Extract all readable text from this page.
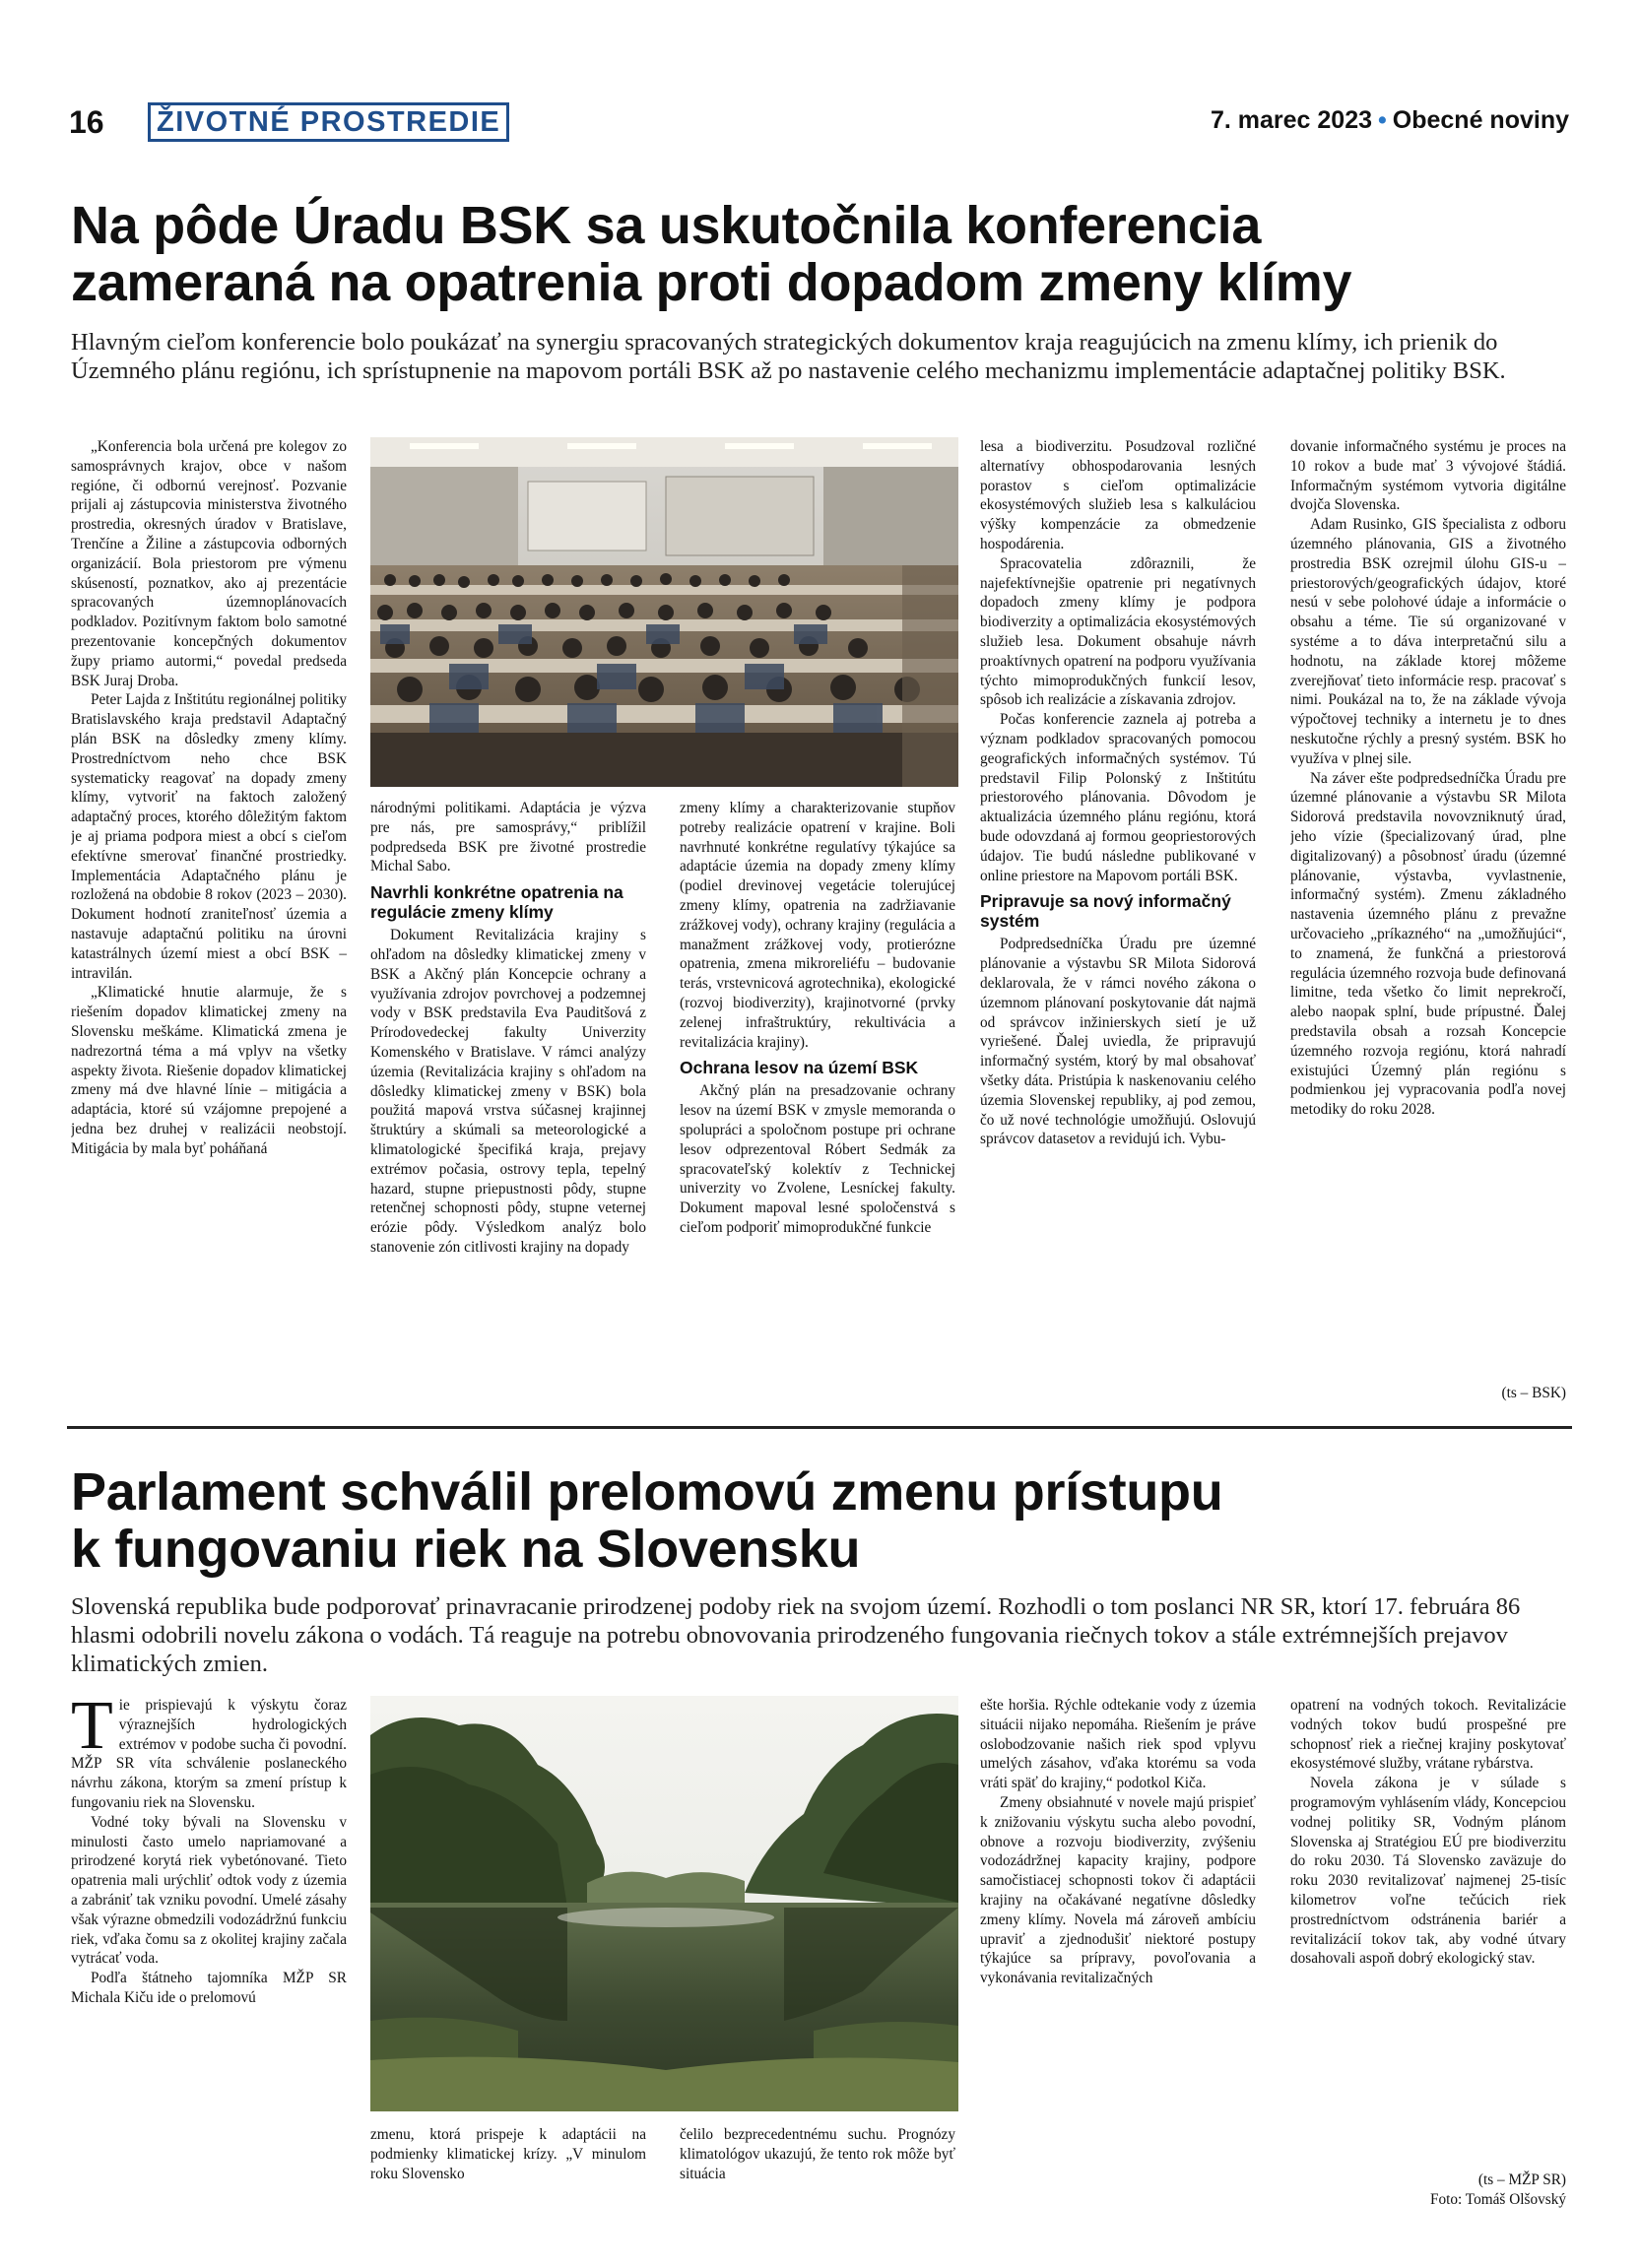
16	ŽIVOTNÉ PROSTREDIE	7. marec 2023 • Obecné noviny
Na pôde Úradu BSK sa uskutočnila konferencia
zameraná na opatrenia proti dopadom zmeny klímy
Hlavným cieľom konferencie bolo poukázať na synergiu spracovaných strategických dokumentov kraja reagujúcich na zmenu klímy, ich prienik do Územného plánu regiónu, ich sprístupnenie na mapovom portáli BSK až po nastavenie celého mechanizmu implementácie adaptačnej politiky BSK.

„Konferencia bola určená pre kolegov zo samosprávnych krajov, obce v našom regióne, či odbornú verejnosť. Pozvanie prijali aj zástupcovia ministerstva životného prostredia, okresných úradov v Bratislave, Trenčíne a Žiline a zástupcovia odborných organizácií. Bola priestorom pre výmenu skúseností, poznatkov, ako aj prezentácie spracovaných územnoplánovacích podkladov. Pozitívnym faktom bolo samotné prezentovanie koncepčných dokumentov župy priamo autormi,“ povedal predseda BSK Juraj Droba.

Peter Lajda z Inštitútu regionálnej politiky Bratislavského kraja predstavil Adaptačný plán BSK na dôsledky zmeny klímy. Prostredníctvom neho chce BSK systematicky reagovať na dopady zmeny klímy, vytvoriť na faktoch založený adaptačný proces, ktorého dôležitým faktom je aj priama podpora miest a obcí s cieľom efektívne smerovať finančné prostriedky. Implementácia Adaptačného plánu je rozložená na obdobie 8 rokov (2023 – 2030). Dokument hodnotí zraniteľnosť územia a nastavuje adaptačnú politiku na úrovni katastrálnych území miest a obcí BSK – intravilán.

„Klimatické hnutie alarmuje, že s riešením dopadov klimatickej zmeny na Slovensku meškáme. Klimatická zmena je nadrezortná téma a má vplyv na všetky aspekty života. Riešenie dopadov klimatickej zmeny má dve hlavné línie – mitigácia a adaptácia, ktoré sú vzájomne prepojené a jedna bez druhej v realizácii neobstojí. Mitigácia by mala byť poháňaná

národnými politikami. Adaptácia je výzva pre nás, pre samosprávy,“ priblížil podpredseda BSK pre životné prostredie Michal Sabo.

Navrhli konkrétne opatrenia na regulácie zmeny klímy

Dokument Revitalizácia krajiny s ohľadom na dôsledky klimatickej zmeny v BSK a Akčný plán Koncepcie ochrany a využívania zdrojov povrchovej a podzemnej vody v BSK predstavila Eva Pauditšová z Prírodovedeckej fakulty Univerzity Komenského v Bratislave. V rámci analýzy územia (Revitalizácia krajiny s ohľadom na dôsledky klimatickej zmeny v BSK) bola použitá mapová vrstva súčasnej krajinnej štruktúry a skúmali sa meteorologické a klimatologické špecifiká kraja, prejavy extrémov počasia, ostrovy tepla, tepelný hazard, stupne priepustnosti pôdy, stupne retenčnej schopnosti pôdy, stupne veternej erózie pôdy. Výsledkom analýz bolo stanovenie zón citlivosti krajiny na dopady

zmeny klímy a charakterizovanie stupňov potreby realizácie opatrení v krajine. Boli navrhnuté konkrétne regulatívy týkajúce sa adaptácie územia na dopady zmeny klímy (podiel drevinovej vegetácie tolerujúcej zmeny klímy, opatrenia na zadržiavanie zrážkovej vody), ochrany krajiny (regulácia a manažment zrážkovej vody, protierózne opatrenia, zmena mikroreliéfu – budovanie terás, vrstevnicová agrotechnika), ekologické (rozvoj biodiverzity), krajinotvorné (prvky zelenej infraštruktúry, rekultivácia a revitalizácia krajiny).

Ochrana lesov na území BSK

Akčný plán na presadzovanie ochrany lesov na území BSK v zmysle memoranda o spolupráci a spoločnom postupe pri ochrane lesov odprezentoval Róbert Sedmák za spracovateľský kolektív z Technickej univerzity vo Zvolene, Lesníckej fakulty. Dokument mapoval lesné spoločenstvá s cieľom podporiť mimoprodukčné funkcie

lesa a biodiverzitu. Posudzoval rozličné alternatívy obhospodarovania lesných porastov s cieľom optimalizácie ekosystémových služieb lesa s kalkuláciou výšky kompenzácie za obmedzenie hospodárenia.

Spracovatelia zdôraznili, že najefektívnejšie opatrenie pri negatívnych dopadoch zmeny klímy je podpora biodiverzity a optimalizácia ekosystémových služieb lesa. Dokument obsahuje návrh proaktívnych opatrení na podporu využívania týchto mimoprodukčných funkcií lesov, spôsob ich realizácie a získavania zdrojov.

Počas konferencie zaznela aj potreba a význam podkladov spracovaných pomocou geografických informačných systémov. Tú predstavil Filip Polonský z Inštitútu priestorového plánovania. Dôvodom je aktualizácia územného plánu regiónu, ktorá bude odovzdaná aj formou geopriestorových údajov. Tie budú následne publikované v online priestore na Mapovom portáli BSK.

Pripravuje sa nový informačný systém

Podpredsedníčka Úradu pre územné plánovanie a výstavbu SR Milota Sidorová deklarovala, že v rámci nového zákona o územnom plánovaní poskytovanie dát najmä od správcov inžinierskych sietí je už vyriešené. Ďalej uviedla, že pripravujú informačný systém, ktorý by mal obsahovať všetky dáta. Pristúpia k naskenovaniu celého územia Slovenskej republiky, aj pod zemou, čo už nové technológie umožňujú. Oslovujú správcov datasetov a revidujú ich. Vybu-

dovanie informačného systému je proces na 10 rokov a bude mať 3 vývojové štádiá. Informačným systémom vytvoria digitálne dvojča Slovenska.

Adam Rusinko, GIS špecialista z odboru územného plánovania, GIS a životného prostredia BSK ozrejmil úlohu GIS-u – priestorových/geografických údajov, ktoré nesú v sebe polohové údaje a informácie o obsahu a téme. Tie sú organizované v systéme a to dáva interpretačnú silu a hodnotu, na základe ktorej môžeme zverejňovať tieto informácie resp. pracovať s nimi. Poukázal na to, že na základe vývoja výpočtovej techniky a internetu je to dnes neskutočne rýchly a presný systém. BSK ho využíva v plnej sile.

Na záver ešte podpredsedníčka Úradu pre územné plánovanie a výstavbu SR Milota Sidorová predstavila novovzniknutý úrad, jeho vízie (špecializovaný úrad, plne digitalizovaný) a pôsobnosť úradu (územné plánovanie, výstavba, vyvlastnenie, informačný systém). Zmenu základného nastavenia územného plánu z prevažne určovacieho „príkazného“ na „umožňujúci“, to znamená, že funkčná a priestorová regulácia územného rozvoja bude definovaná limitne, teda všetko čo limit neprekročí, alebo naopak splní, bude prípustné. Ďalej predstavila obsah a rozsah Koncepcie územného rozvoja regiónu, ktorá nahradí existujúci Územný plán regiónu s podmienkou jej vypracovania podľa novej metodiky do roku 2028.

(ts – BSK)
Parlament schválil prelomovú zmenu prístupu
k fungovaniu riek na Slovensku
Slovenská republika bude podporovať prinavracanie prirodzenej podoby riek na svojom území. Rozhodli o tom poslanci NR SR, ktorí 17. februára 86 hlasmi odobrili novelu zákona o vodách. Tá reaguje na potrebu obnovovania prirodzeného fungovania riečnych tokov a stále extrémnejších prejavov klimatických zmien.

Tie prispievajú k výskytu čoraz výraznejších hydrologických extrémov v podobe sucha či povodní. MŽP SR víta schválenie poslaneckého návrhu zákona, ktorým sa zmení prístup k fungovaniu riek na Slovensku.

Vodné toky bývali na Slovensku v minulosti často umelo napriamované a prirodzené korytá riek vybetónované. Tieto opatrenia mali urýchliť odtok vody z územia a zabrániť tak vzniku povodní. Umelé zásahy však výrazne obmedzili vodozádržnú funkciu riek, vďaka čomu sa z okolitej krajiny začala vytrácať voda.

Podľa štátneho tajomníka MŽP SR Michala Kiču ide o prelomovú

zmenu, ktorá prispeje k adaptácii na podmienky klimatickej krízy. „V minulom roku Slovensko

čelilo bezprecedentnému suchu. Prognózy klimatológov ukazujú, že tento rok môže byť situácia

ešte horšia. Rýchle odtekanie vody z územia situácii nijako nepomáha. Riešením je práve oslobodzovanie našich riek spod vplyvu umelých zásahov, vďaka ktorému sa voda vráti späť do krajiny,“ podotkol Kiča.

Zmeny obsiahnuté v novele majú prispieť k znižovaniu výskytu sucha alebo povodní, obnove a rozvoju biodiverzity, zvýšeniu vodozádržnej kapacity krajiny, podpore samočistiacej schopnosti tokov či adaptácii krajiny na očakávané negatívne dôsledky zmeny klímy. Novela má zároveň ambíciu upraviť a zjednodušiť niektoré postupy týkajúce sa prípravy, povoľovania a vykonávania revitalizačných

opatrení na vodných tokoch. Revitalizácie vodných tokov budú prospešné pre schopnosť riek a riečnej krajiny poskytovať ekosystémové služby, vrátane rybárstva.

Novela zákona je v súlade s programovým vyhlásením vlády, Koncepciou vodnej politiky SR, Vodným plánom Slovenska aj Stratégiou EÚ pre biodiverzitu do roku 2030. Tá Slovensko zaväzuje do roku 2030 revitalizovať najmenej 25-tisíc kilometrov voľne tečúcich riek prostredníctvom odstránenia bariér a revitalizácií tokov tak, aby vodné útvary dosahovali aspoň dobrý ekologický stav.

(ts – MŽP SR)
Foto: Tomáš Olšovský
